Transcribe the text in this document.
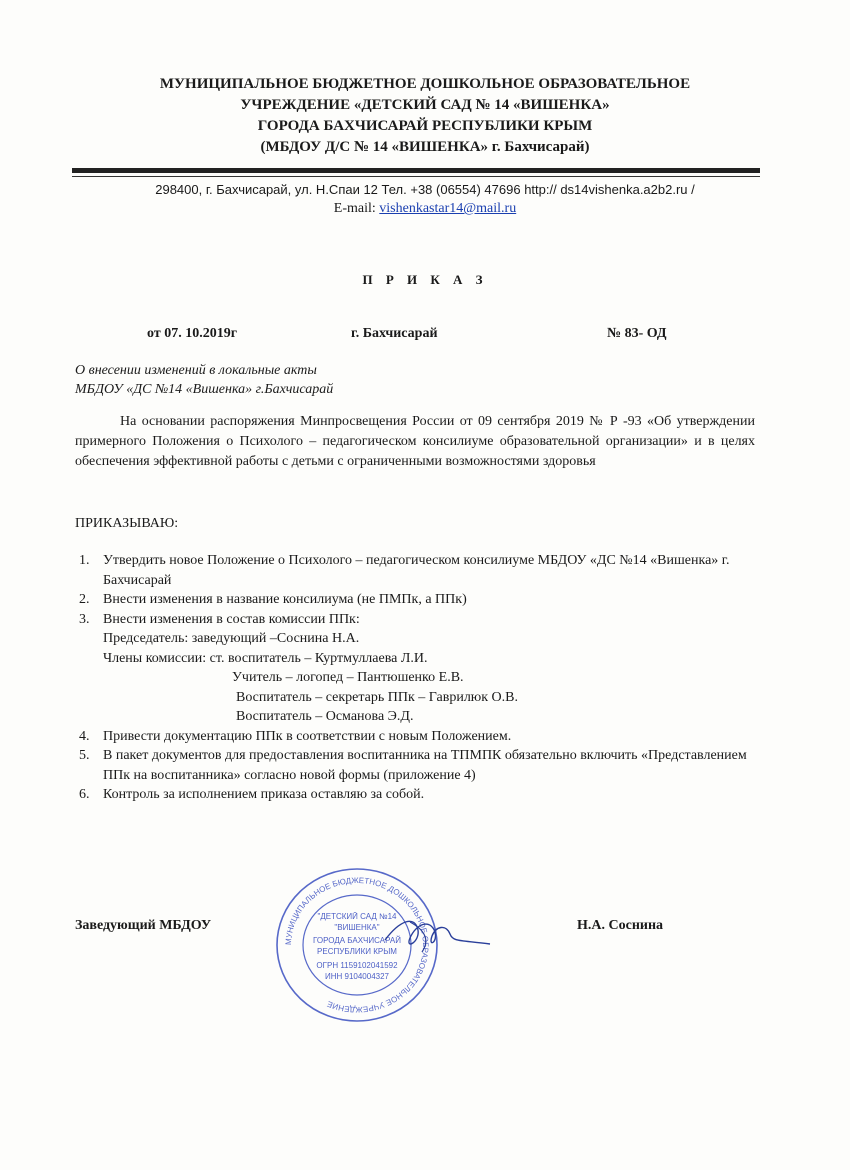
МУНИЦИПАЛЬНОЕ БЮДЖЕТНОЕ ДОШКОЛЬНОЕ ОБРАЗОВАТЕЛЬНОЕ
УЧРЕЖДЕНИЕ «ДЕТСКИЙ САД № 14 «ВИШЕНКА»
ГОРОДА БАХЧИСАРАЙ РЕСПУБЛИКИ КРЫМ
(МБДОУ Д/С № 14 «ВИШЕНКА» г. Бахчисарай)
298400, г. Бахчисарай, ул. Н.Спаи 12 Тел. +38 (06554) 47696 http:// ds14vishenka.a2b2.ru /
E-mail: vishenkastar14@mail.ru
П Р И К А З
от 07. 10.2019г	г. Бахчисарай	№ 83- ОД
О внесении изменений в локальные акты
МБДОУ «ДС №14 «Вишенка» г.Бахчисарай

На основании распоряжения Минпросвещения России от 09 сентября 2019 № Р -93 «Об утверждении примерного Положения о Психолого – педагогическом консилиуме образовательной организации» и в целях обеспечения эффективной работы с детьми с ограниченными возможностями здоровья

ПРИКАЗЫВАЮ:
1. Утвердить новое Положение о Психолого – педагогическом консилиуме МБДОУ «ДС №14 «Вишенка» г. Бахчисарай
2. Внести изменения в название консилиума (не ПМПк, а ППк)
3. Внести изменения в состав комиссии ППк:
Председатель: заведующий –Соснина Н.А.
Члены комиссии: ст. воспитатель – Куртмуллаева Л.И.
Учитель – логопед – Пантюшенко Е.В.
Воспитатель – секретарь ППк – Гаврилюк О.В.
Воспитатель – Османова Э.Д.
4. Привести документацию ППк в соответствии с новым Положением.
5. В пакет документов для предоставления воспитанника на ТПМПК обязательно включить «Представлением ППк на воспитанника» согласно новой формы (приложение 4)
6. Контроль за исполнением приказа оставляю за собой.
Заведующий МБДОУ	Н.А. Соснина
МУНИЦИПАЛЬНОЕ БЮДЖЕТНОЕ ДОШКОЛЬНОЕ ОБРАЗОВАТЕЛЬНОЕ УЧРЕЖДЕНИЕ
"ДЕТСКИЙ САД №14
"ВИШЕНКА"
ГОРОДА БАХЧИСАРАЙ
РЕСПУБЛИКИ КРЫМ
ОГРН 1159102041592
ИНН 9104004327
